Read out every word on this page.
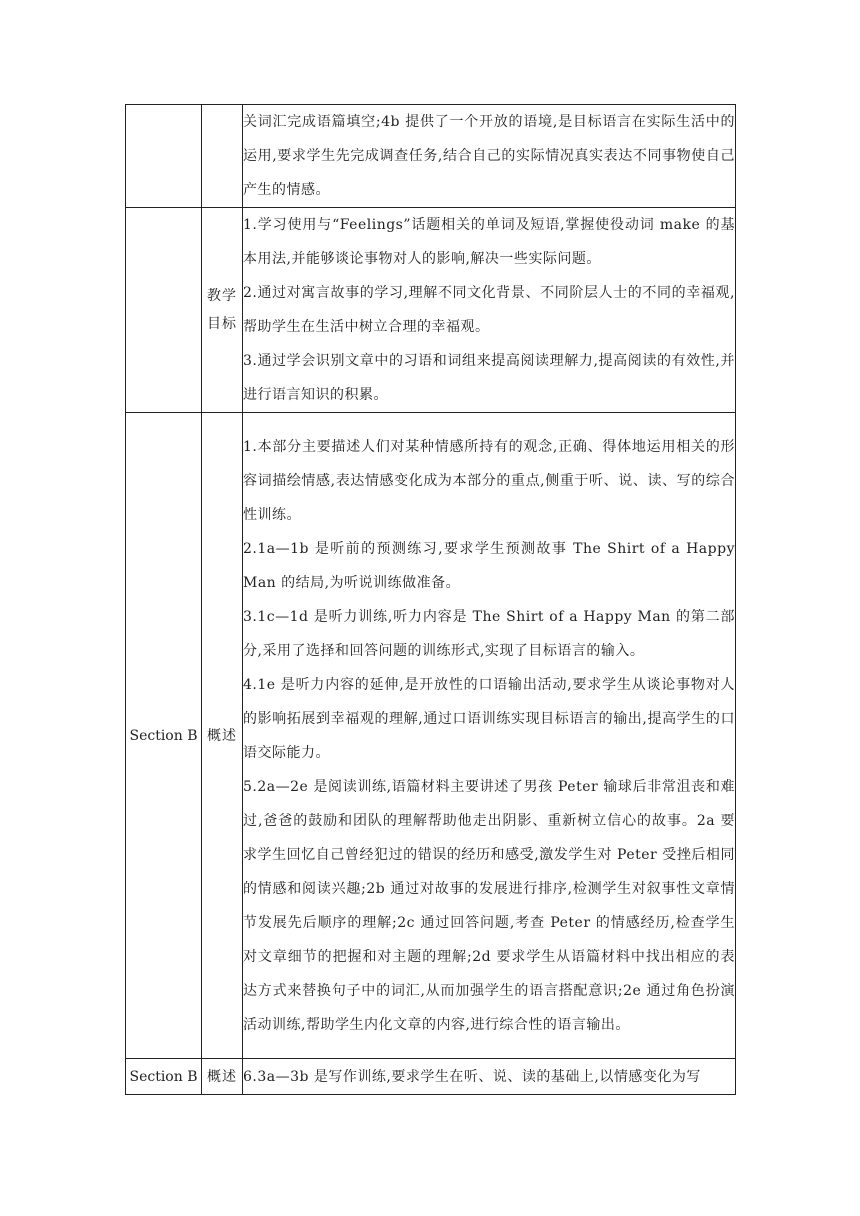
		关词汇完成语篇填空;4b 提供了一个开放的语境,是目标语言在实际生活中的运用,要求学生先完成调查任务,结合自己的实际情况真实表达不同事物使自己产生的情感。

	教学目标	1.学习使用与“Feelings”话题相关的单词及短语,掌握使役动词 make 的基本用法,并能够谈论事物对人的影响,解决一些实际问题。

2.通过对寓言故事的学习,理解不同文化背景、不同阶层人士的不同的幸福观,帮助学生在生活中树立合理的幸福观。

3.通过学会识别文章中的习语和词组来提高阅读理解力,提高阅读的有效性,并进行语言知识的积累。

Section B	概述	1.本部分主要描述人们对某种情感所持有的观念,正确、得体地运用相关的形容词描绘情感,表达情感变化成为本部分的重点,侧重于听、说、读、写的综合性训练。

2.1a—1b 是听前的预测练习,要求学生预测故事 The Shirt of a Happy Man 的结局,为听说训练做准备。

3.1c—1d 是听力训练,听力内容是 The Shirt of a Happy Man 的第二部分,采用了选择和回答问题的训练形式,实现了目标语言的输入。

4.1e 是听力内容的延伸,是开放性的口语输出活动,要求学生从谈论事物对人的影响拓展到幸福观的理解,通过口语训练实现目标语言的输出,提高学生的口语交际能力。

5.2a—2e 是阅读训练,语篇材料主要讲述了男孩 Peter 输球后非常沮丧和难过,爸爸的鼓励和团队的理解帮助他走出阴影、重新树立信心的故事。2a 要求学生回忆自己曾经犯过的错误的经历和感受,激发学生对 Peter 受挫后相同的情感和阅读兴趣;2b 通过对故事的发展进行排序,检测学生对叙事性文章情节发展先后顺序的理解;2c 通过回答问题,考查 Peter 的情感经历,检查学生对文章细节的把握和对主题的理解;2d 要求学生从语篇材料中找出相应的表达方式来替换句子中的词汇,从而加强学生的语言搭配意识;2e 通过角色扮演活动训练,帮助学生内化文章的内容,进行综合性的语言输出。

Section B	概述	6.3a—3b 是写作训练,要求学生在听、说、读的基础上,以情感变化为写
